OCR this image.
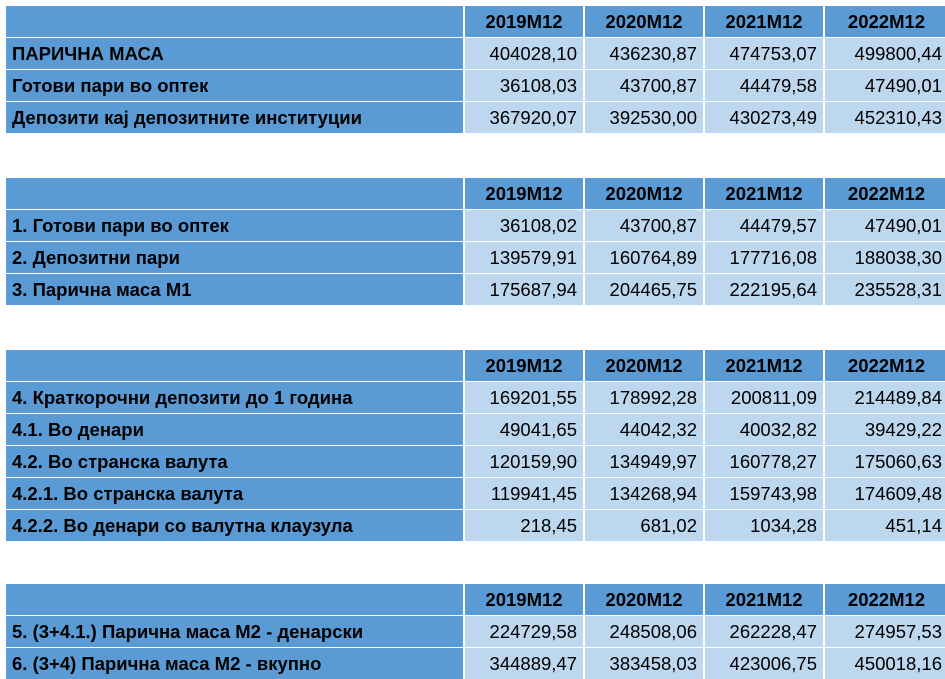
	2019M12	2020M12	2021M12	2022M12
ПАРИЧНА МАСА	404028,10	436230,87	474753,07	499800,44
Готови пари во оптек	36108,03	43700,87	44479,58	47490,01
Депозити кај депозитните институции	367920,07	392530,00	430273,49	452310,43
	2019M12	2020M12	2021M12	2022M12
1. Готови пари во оптек	36108,02	43700,87	44479,57	47490,01
2. Депозитни пари	139579,91	160764,89	177716,08	188038,30
3. Парична маса М1	175687,94	204465,75	222195,64	235528,31
	2019M12	2020M12	2021M12	2022M12
4. Краткорочни депозити до 1 година	169201,55	178992,28	200811,09	214489,84
4.1. Во денари	49041,65	44042,32	40032,82	39429,22
4.2. Во странска валута	120159,90	134949,97	160778,27	175060,63
4.2.1. Во странска валута	119941,45	134268,94	159743,98	174609,48
4.2.2. Во денари со валутна клаузула	218,45	681,02	1034,28	451,14
	2019M12	2020M12	2021M12	2022M12
5. (3+4.1.) Парична маса М2 - денарски	224729,58	248508,06	262228,47	274957,53
6. (3+4) Парична маса М2 - вкупно	344889,47	383458,03	423006,75	450018,16
